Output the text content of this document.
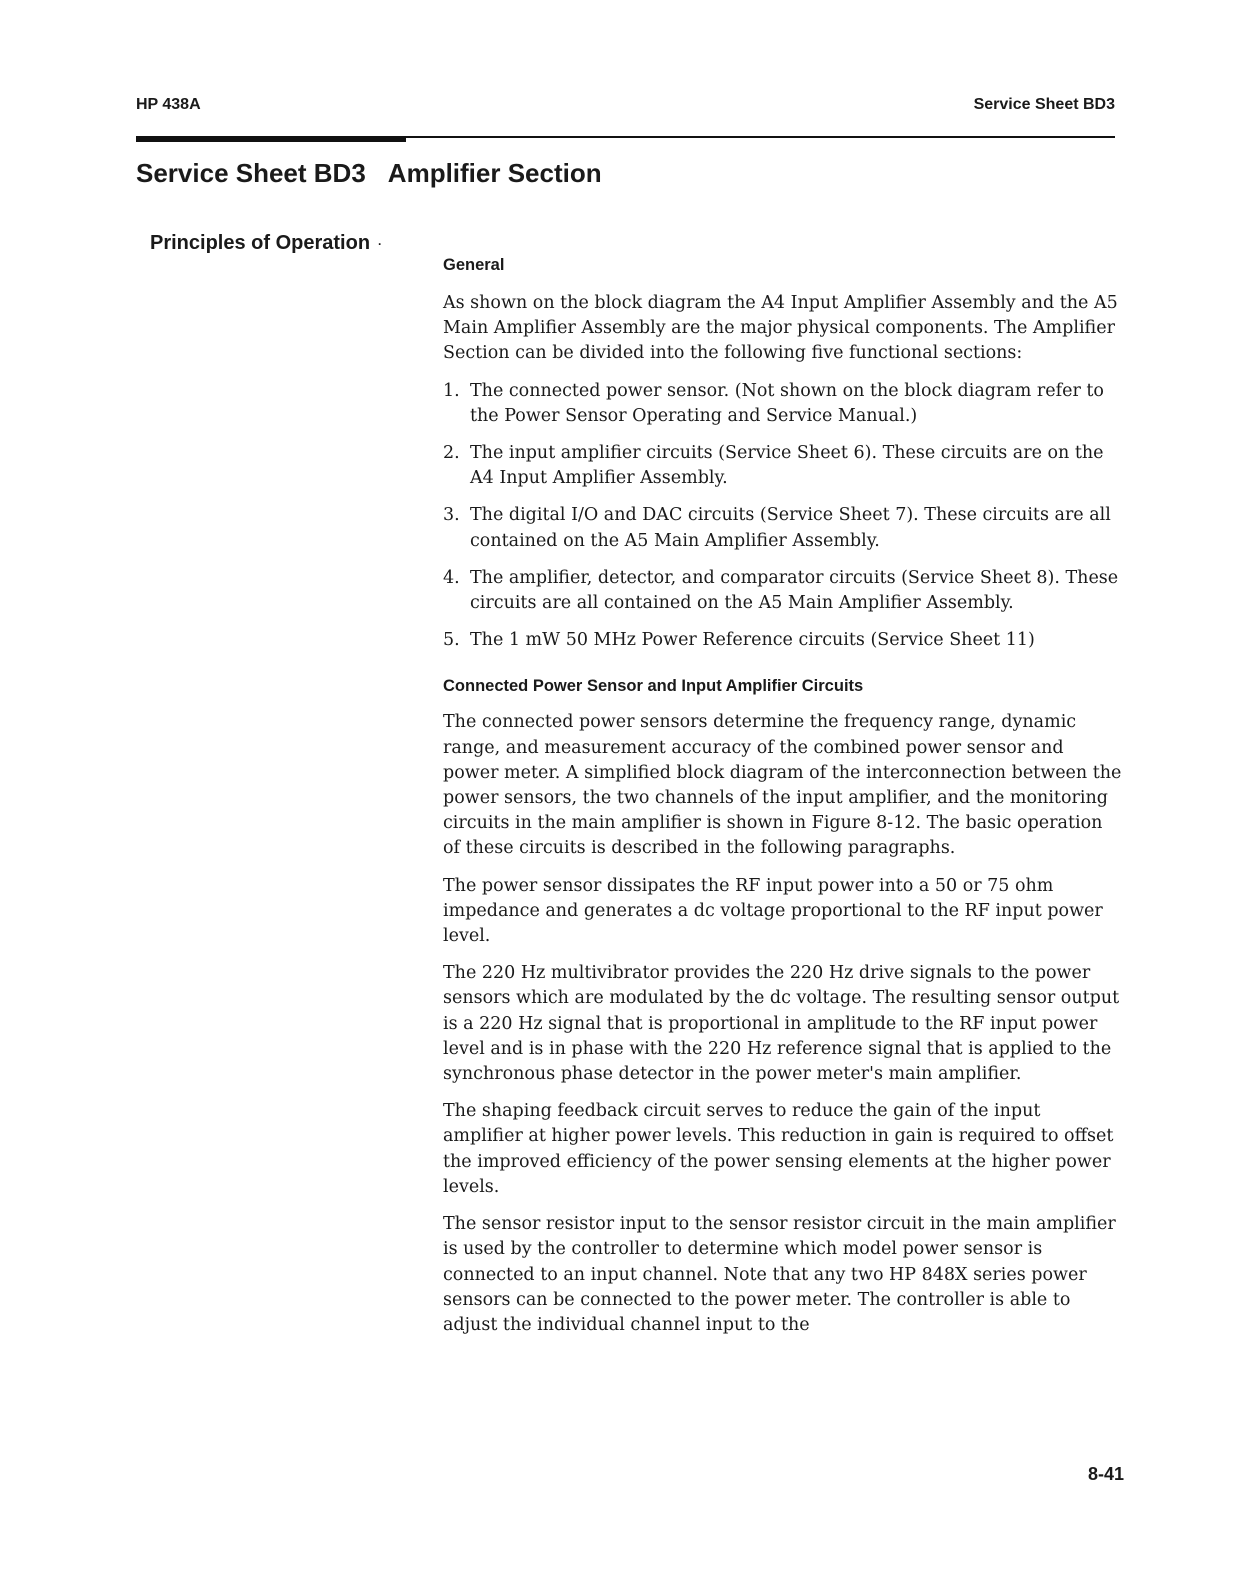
HP 438A	Service Sheet BD3
Service Sheet BD3 Amplifier Section
Principles of Operation ·
General

As shown on the block diagram the A4 Input Amplifier Assembly and the A5 Main Amplifier Assembly are the major physical components. The Amplifier Section can be divided into the following five functional sections:

1. The connected power sensor. (Not shown on the block diagram refer to the Power Sensor Operating and Service Manual.)
2. The input amplifier circuits (Service Sheet 6). These circuits are on the A4 Input Amplifier Assembly.
3. The digital I/O and DAC circuits (Service Sheet 7). These circuits are all contained on the A5 Main Amplifier Assembly.
4. The amplifier, detector, and comparator circuits (Service Sheet 8). These circuits are all contained on the A5 Main Amplifier Assembly.
5. The 1 mW 50 MHz Power Reference circuits (Service Sheet 11)
Connected Power Sensor and Input Amplifier Circuits

The connected power sensors determine the frequency range, dynamic range, and measurement accuracy of the combined power sensor and power meter. A simplified block diagram of the interconnection between the power sensors, the two channels of the input amplifier, and the monitoring circuits in the main amplifier is shown in Figure 8-12. The basic operation of these circuits is described in the following paragraphs.

The power sensor dissipates the RF input power into a 50 or 75 ohm impedance and generates a dc voltage proportional to the RF input power level.

The 220 Hz multivibrator provides the 220 Hz drive signals to the power sensors which are modulated by the dc voltage. The resulting sensor output is a 220 Hz signal that is proportional in amplitude to the RF input power level and is in phase with the 220 Hz reference signal that is applied to the synchronous phase detector in the power meter's main amplifier.

The shaping feedback circuit serves to reduce the gain of the input amplifier at higher power levels. This reduction in gain is required to offset the improved efficiency of the power sensing elements at the higher power levels.

The sensor resistor input to the sensor resistor circuit in the main amplifier is used by the controller to determine which model power sensor is connected to an input channel. Note that any two HP 848X series power sensors can be connected to the power meter. The controller is able to adjust the individual channel input to the

8-41
